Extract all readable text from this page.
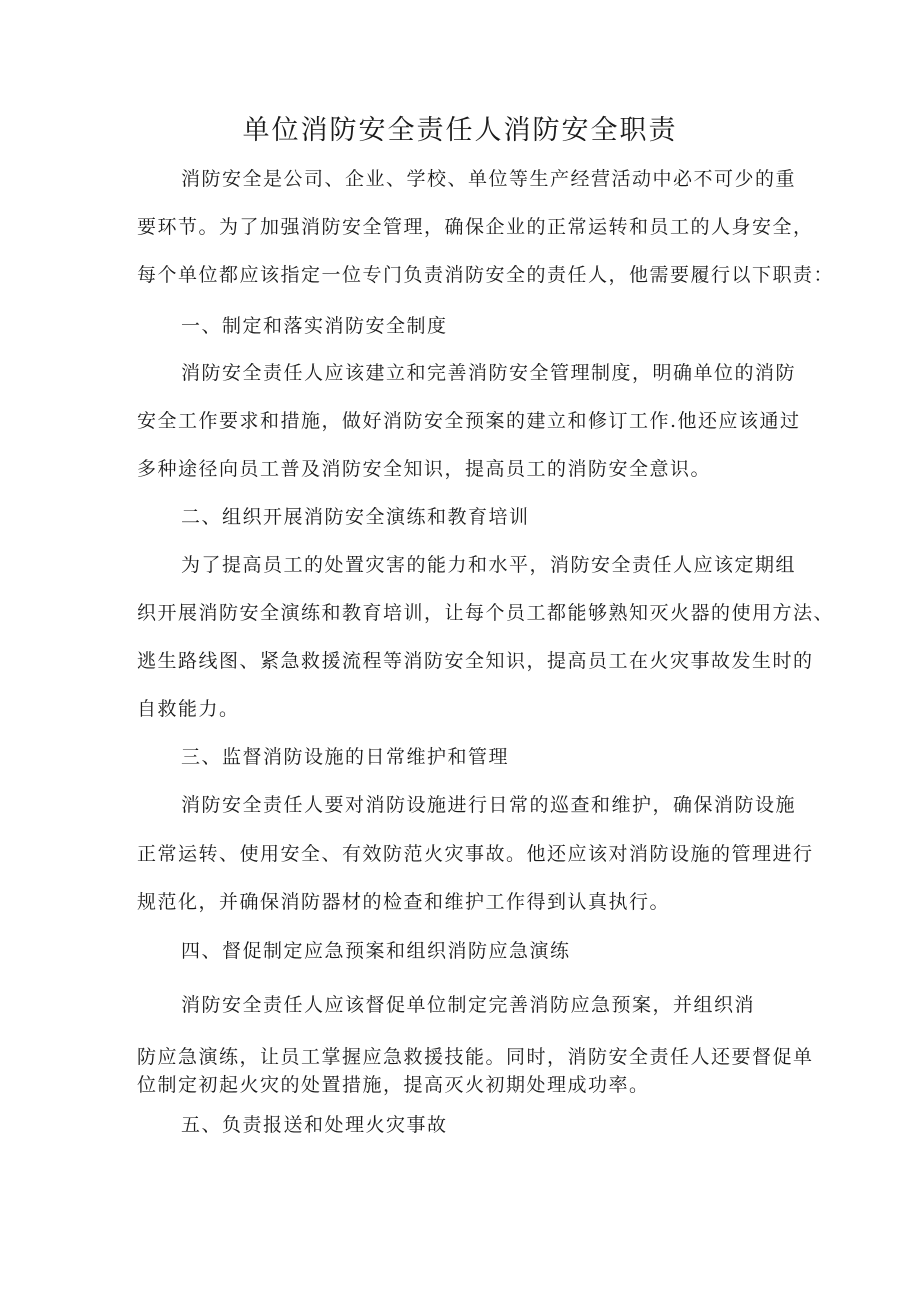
单位消防安全责任人消防安全职责
消防安全是公司、企业、学校、单位等生产经营活动中必不可少的重
要环节。为了加强消防安全管理，确保企业的正常运转和员工的人身安全，
每个单位都应该指定一位专门负责消防安全的责任人，他需要履行以下职责：
一、制定和落实消防安全制度
消防安全责任人应该建立和完善消防安全管理制度，明确单位的消防
安全工作要求和措施，做好消防安全预案的建立和修订工作.他还应该通过
多种途径向员工普及消防安全知识，提高员工的消防安全意识。
二、组织开展消防安全演练和教育培训
为了提高员工的处置灾害的能力和水平，消防安全责任人应该定期组
织开展消防安全演练和教育培训，让每个员工都能够熟知灭火器的使用方法、
逃生路线图、紧急救援流程等消防安全知识，提高员工在火灾事故发生时的
自救能力。
三、监督消防设施的日常维护和管理
消防安全责任人要对消防设施进行日常的巡查和维护，确保消防设施
正常运转、使用安全、有效防范火灾事故。他还应该对消防设施的管理进行
规范化，并确保消防器材的检查和维护工作得到认真执行。
四、督促制定应急预案和组织消防应急演练
消防安全责任人应该督促单位制定完善消防应急预案，并组织消
防应急演练，让员工掌握应急救援技能。同时，消防安全责任人还要督促单
位制定初起火灾的处置措施，提高灭火初期处理成功率。
五、负责报送和处理火灾事故
